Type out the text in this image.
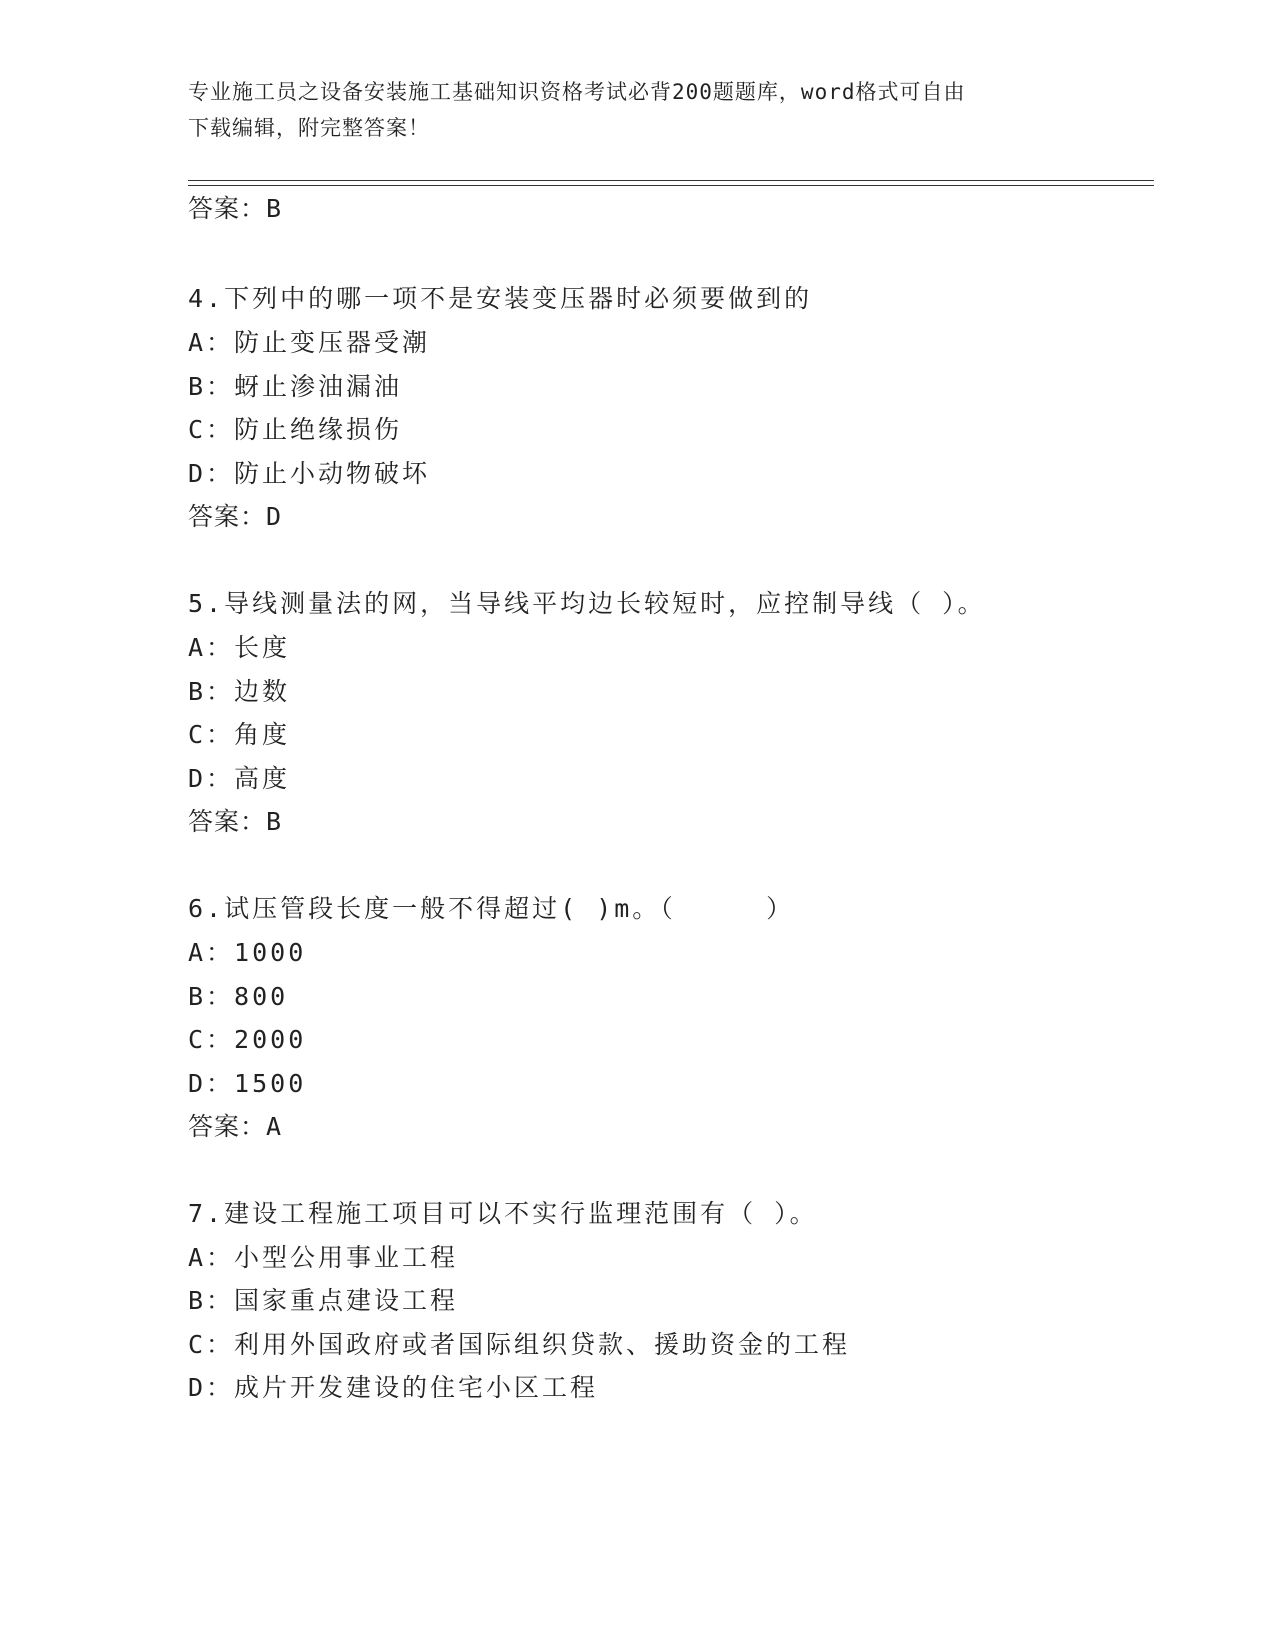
专业施工员之设备安装施工基础知识资格考试必背200题题库，word格式可自由
下载编辑，附完整答案！
答案：B
4.下列中的哪一项不是安装变压器时必须要做到的
A：防止变压器受潮
B：蚜止渗油漏油
C：防止绝缘损伤
D：防止小动物破坏
答案：D
5.导线测量法的网，当导线平均边长较短时，应控制导线（ ）。
A：长度
B：边数
C：角度
D：高度
答案：B
6.试压管段长度一般不得超过( )m。（     ）
A：1000
B：800
C：2000
D：1500
答案：A
7.建设工程施工项目可以不实行监理范围有（ ）。
A：小型公用事业工程
B：国家重点建设工程
C：利用外国政府或者国际组织贷款、援助资金的工程
D：成片开发建设的住宅小区工程
